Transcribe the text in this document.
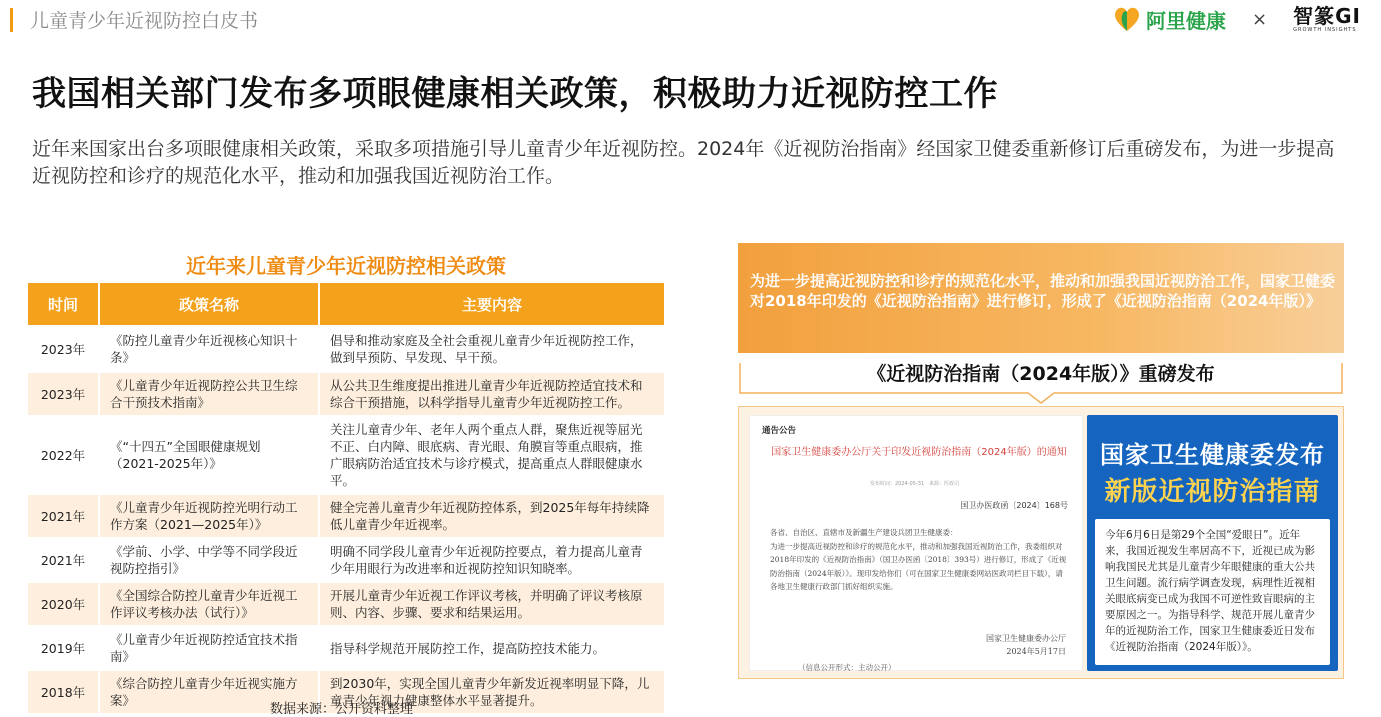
儿童青少年近视防控白皮书	阿里健康 × 智篆GI
GROWTH INSIGHTS
我国相关部门发布多项眼健康相关政策，积极助力近视防控工作
近年来国家出台多项眼健康相关政策，采取多项措施引导儿童青少年近视防控。2024年《近视防治指南》经国家卫健委重新修订后重磅发布，为进一步提高近视防控和诊疗的规范化水平，推动和加强我国近视防治工作。
近年来儿童青少年近视防控相关政策
时间	政策名称	主要内容
2023年	《防控儿童青少年近视核心知识十条》	倡导和推动家庭及全社会重视儿童青少年近视防控工作，做到早预防、早发现、早干预。
2023年	《儿童青少年近视防控公共卫生综合干预技术指南》	从公共卫生维度提出推进儿童青少年近视防控适宜技术和综合干预措施，以科学指导儿童青少年近视防控工作。
2022年	《“十四五”全国眼健康规划（2021-2025年）》	关注儿童青少年、老年人两个重点人群，聚焦近视等屈光不正、白内障、眼底病、青光眼、角膜盲等重点眼病，推广眼病防治适宜技术与诊疗模式，提高重点人群眼健康水平。
2021年	《儿童青少年近视防控光明行动工作方案（2021—2025年）》	健全完善儿童青少年近视防控体系，到2025年每年持续降低儿童青少年近视率。
2021年	《学前、小学、中学等不同学段近视防控指引》	明确不同学段儿童青少年近视防控要点，着力提高儿童青少年用眼行为改进率和近视防控知识知晓率。
2020年	《全国综合防控儿童青少年近视工作评议考核办法（试行）》	开展儿童青少年近视工作评议考核，并明确了评议考核原则、内容、步骤、要求和结果运用。
2019年	《儿童青少年近视防控适宜技术指南》	指导科学规范开展防控工作，提高防控技术能力。
2018年	《综合防控儿童青少年近视实施方案》	到2030年，实现全国儿童青少年新发近视率明显下降，儿童青少年视力健康整体水平显著提升。
数据来源：公开资料整理
为进一步提高近视防控和诊疗的规范化水平，推动和加强我国近视防治工作，国家卫健委对2018年印发的《近视防治指南》进行修订，形成了《近视防治指南（2024年版）》
《近视防治指南（2024年版）》重磅发布
通告公告
国家卫生健康委办公厅关于印发近视防治指南（2024年版）的通知
发布时间：2024-05-31　来源：医政司
国卫办医政函〔2024〕168号
各省、自治区、直辖市及新疆生产建设兵团卫生健康委：
为进一步提高近视防控和诊疗的规范化水平，推动和加强我国近视防治工作，我委组织对2018年印发的《近视防治指南》（国卫办医函〔2018〕393号）进行修订，形成了《近视防治指南（2024年版）》。现印发给你们（可在国家卫生健康委网站医政司栏目下载），请各地卫生健康行政部门抓好组织实施。
国家卫生健康委办公厅
2024年5月17日
（信息公开形式：主动公开）
国家卫生健康委发布
新版近视防治指南
今年6月6日是第29个全国“爱眼日”。近年来，我国近视发生率居高不下，近视已成为影响我国民尤其是儿童青少年眼健康的重大公共卫生问题。流行病学调查发现，病理性近视相关眼底病变已成为我国不可逆性致盲眼病的主要原因之一。为指导科学、规范开展儿童青少年的近视防治工作，国家卫生健康委近日发布《近视防治指南（2024年版）》。
